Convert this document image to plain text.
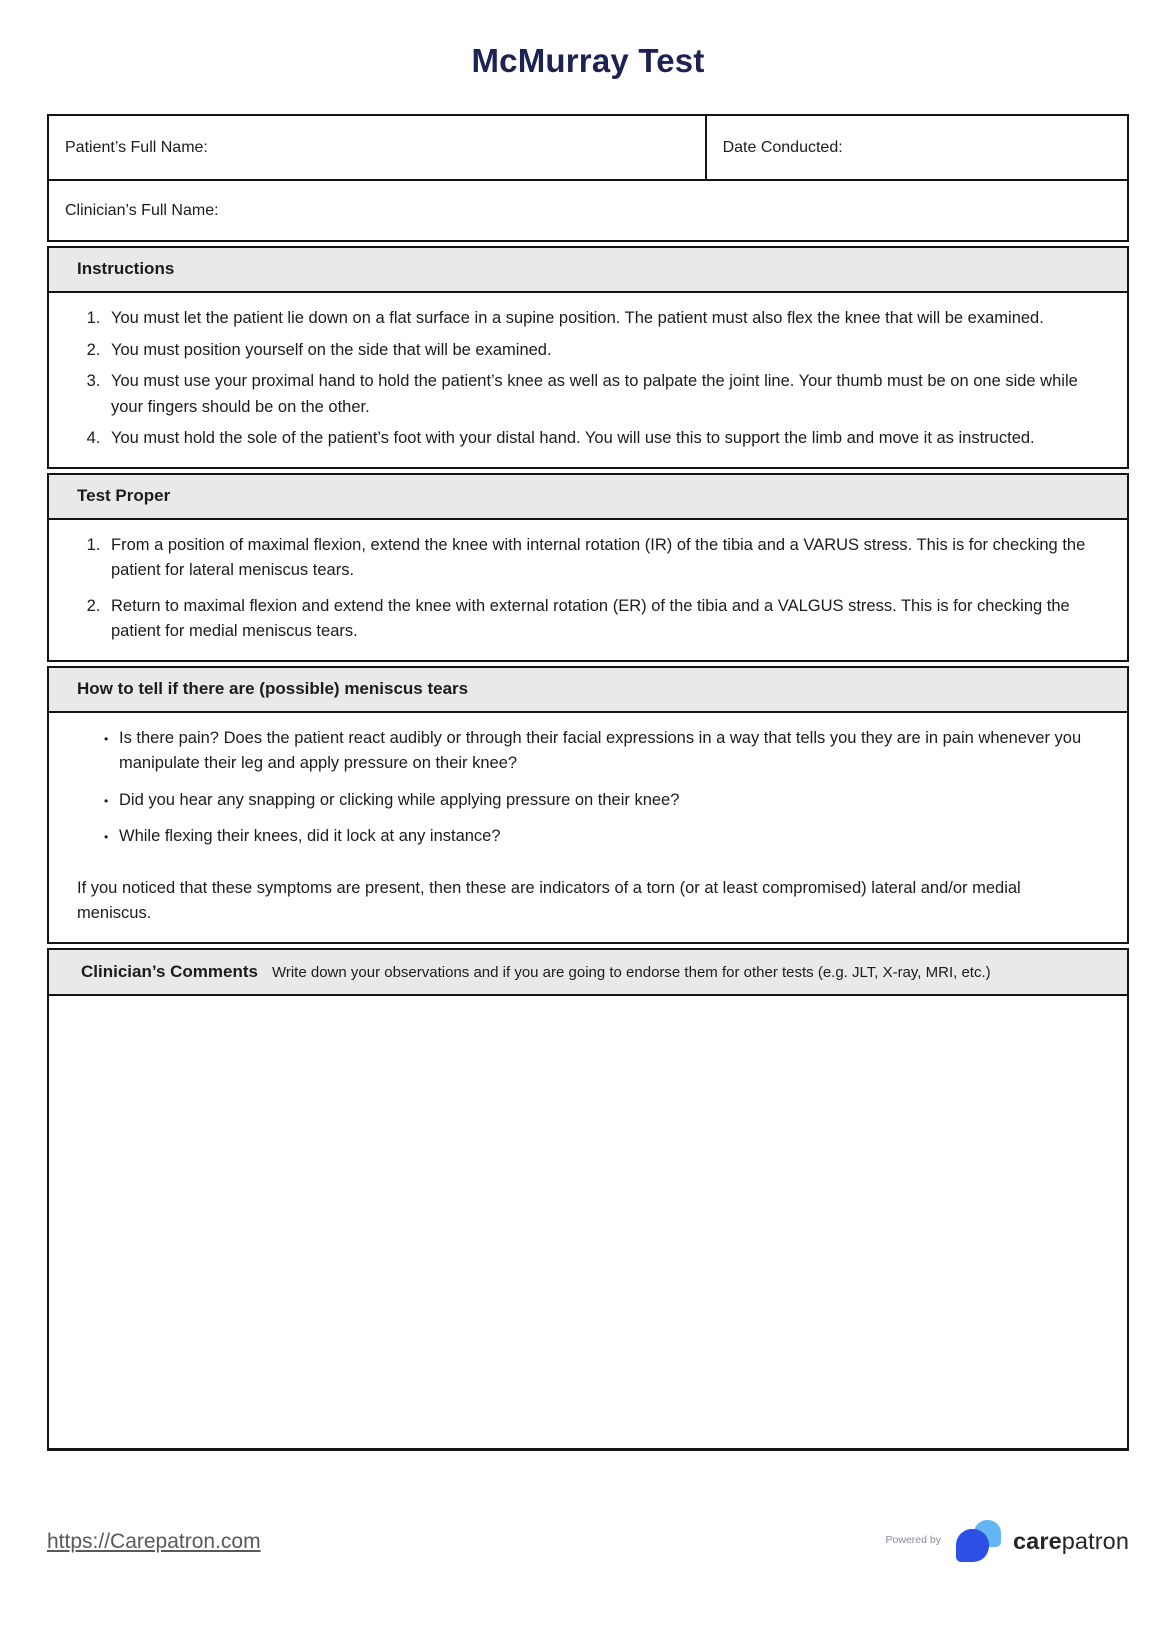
McMurray Test
Patient’s Full Name:	Date Conducted:
Clinician’s Full Name:
Instructions
1. You must let the patient lie down on a flat surface in a supine position. The patient must also flex the knee that will be examined.
2. You must position yourself on the side that will be examined.
3. You must use your proximal hand to hold the patient’s knee as well as to palpate the joint line. Your thumb must be on one side while your fingers should be on the other.
4. You must hold the sole of the patient’s foot with your distal hand. You will use this to support the limb and move it as instructed.
Test Proper
1. From a position of maximal flexion, extend the knee with internal rotation (IR) of the tibia and a VARUS stress. This is for checking the patient for lateral meniscus tears.
2. Return to maximal flexion and extend the knee with external rotation (ER) of the tibia and a VALGUS stress. This is for checking the patient for medial meniscus tears.
How to tell if there are (possible) meniscus tears
• Is there pain? Does the patient react audibly or through their facial expressions in a way that tells you they are in pain whenever you manipulate their leg and apply pressure on their knee?
• Did you hear any snapping or clicking while applying pressure on their knee?
• While flexing their knees, did it lock at any instance?

If you noticed that these symptoms are present, then these are indicators of a torn (or at least compromised) lateral and/or medial meniscus.

Clinician’s Comments Write down your observations and if you are going to endorse them for other tests (e.g. JLT, X-ray, MRI, etc.)
https://Carepatron.com	Powered by	carepatron
